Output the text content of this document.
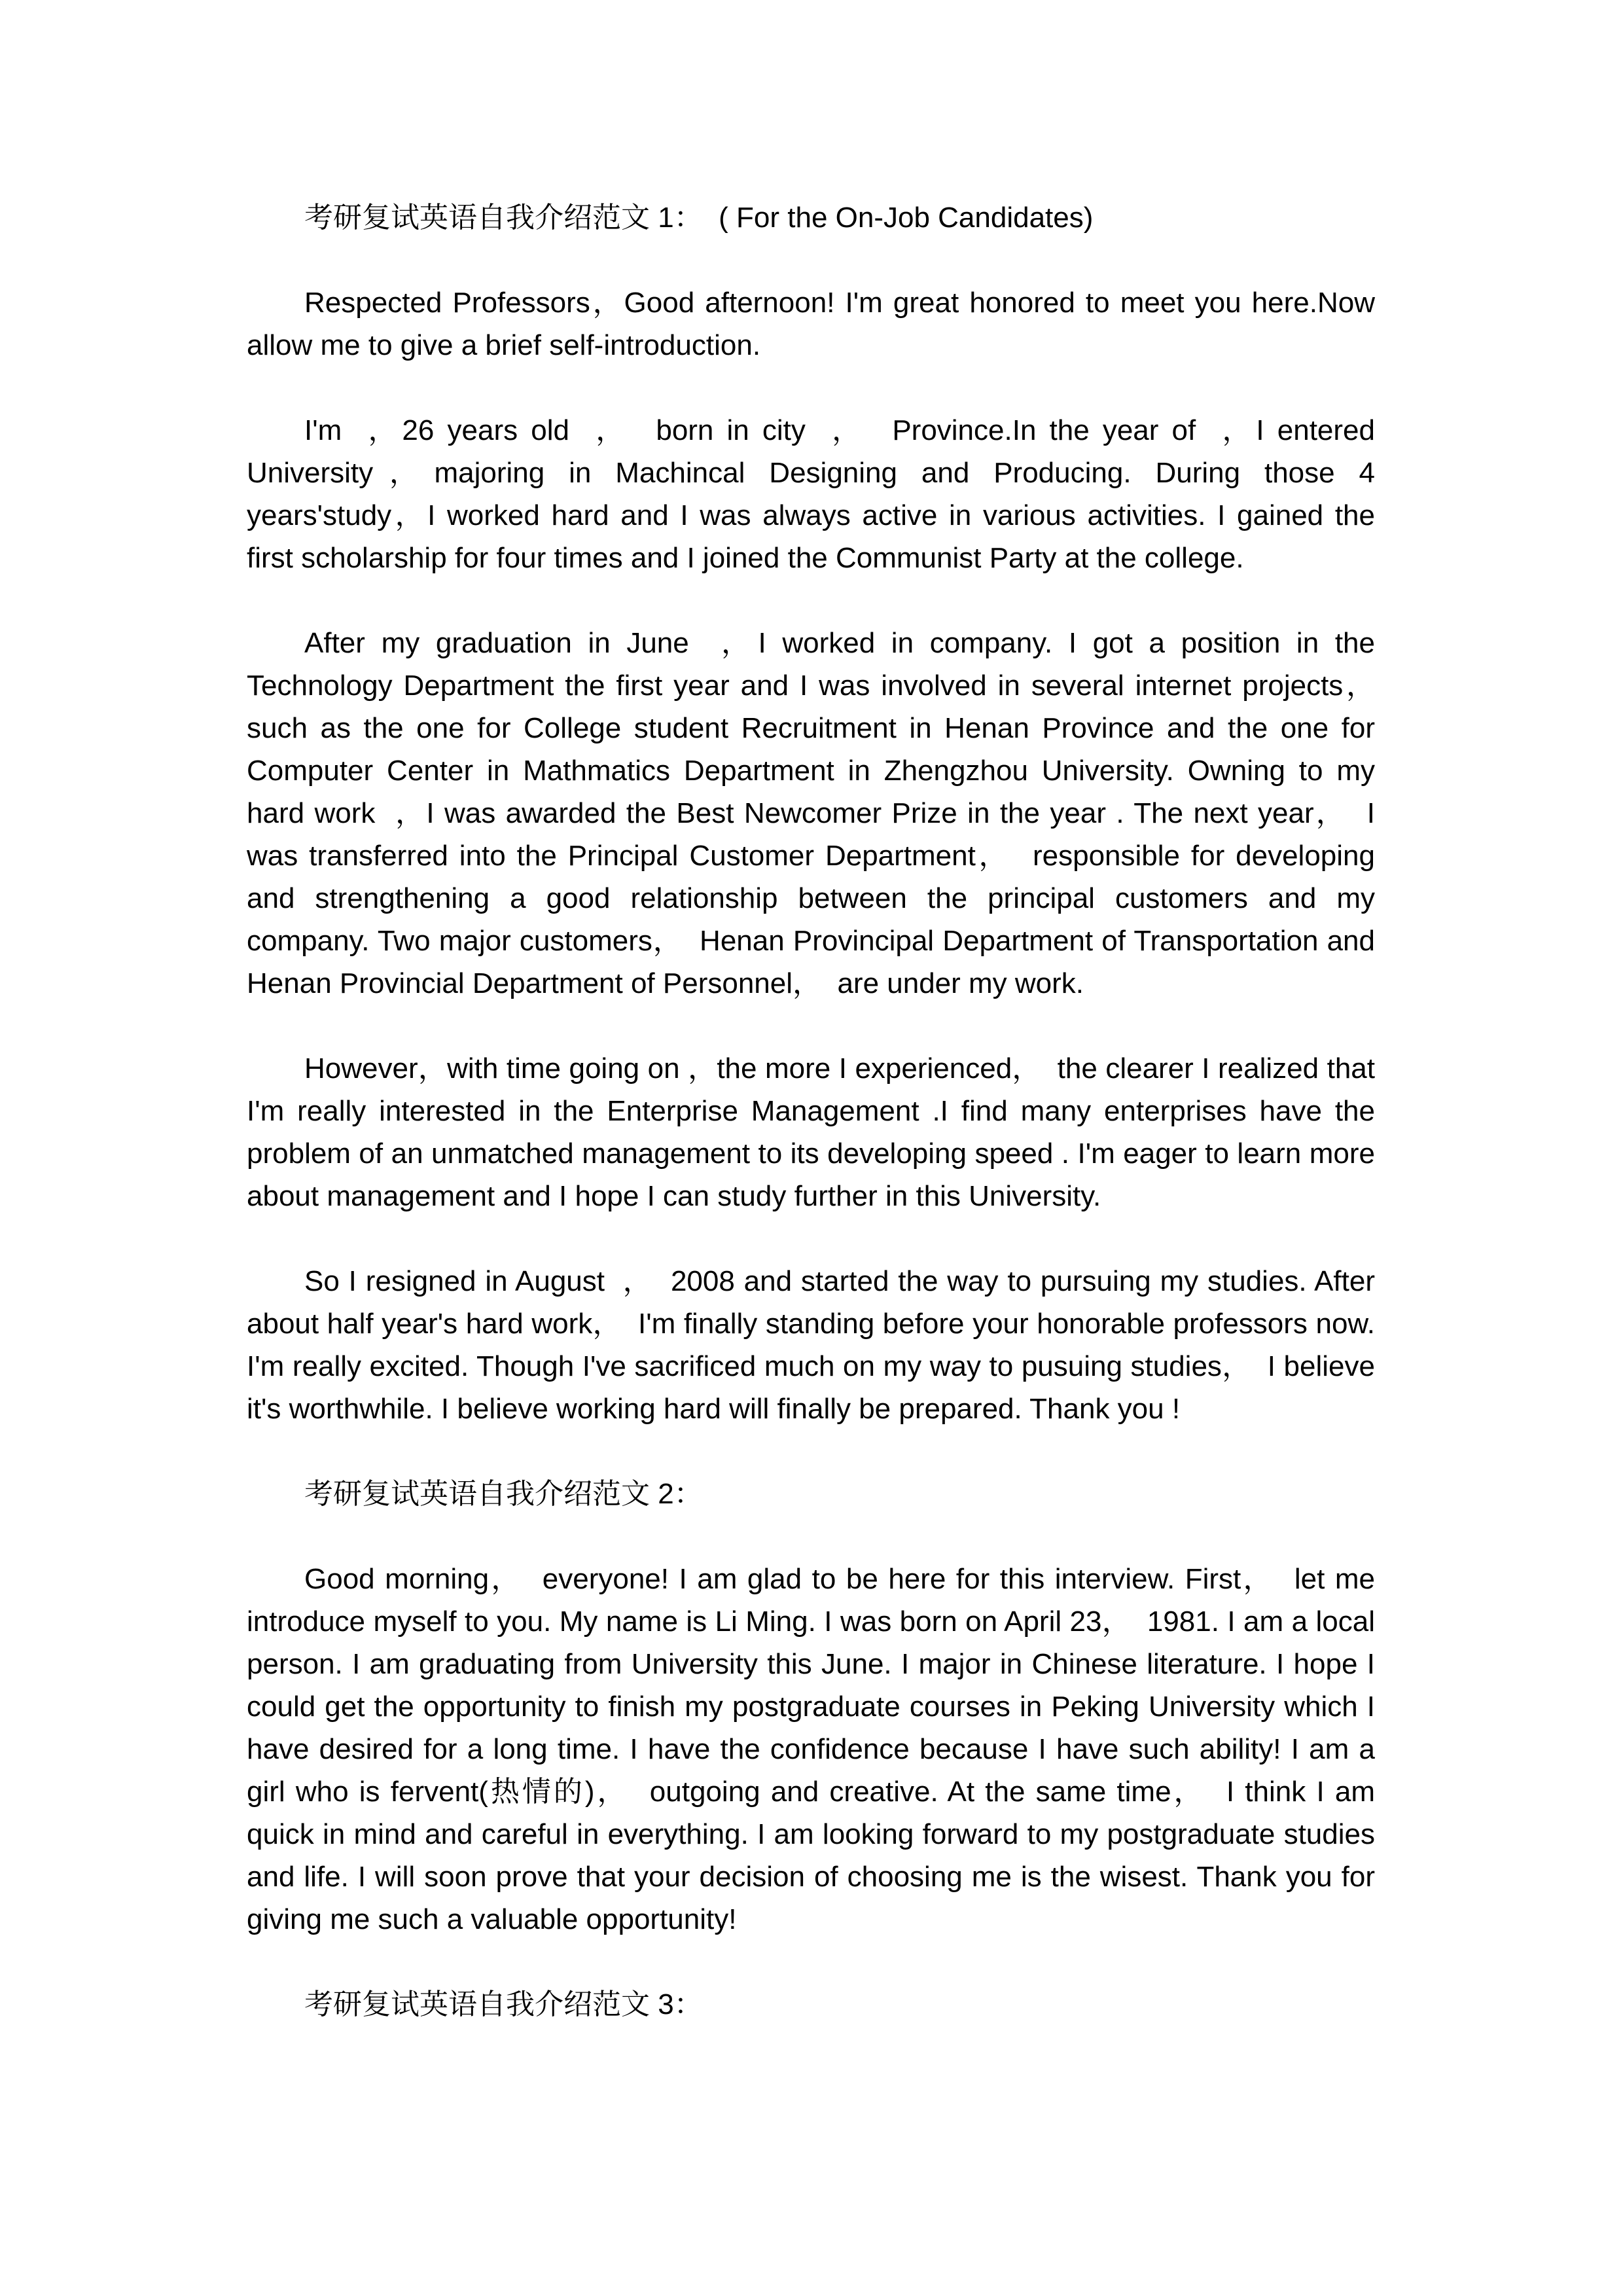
考研复试英语自我介绍范文 1：  ( For the On-Job Candidates)

Respected Professors，Good afternoon! I'm great honored to meet you here.Now allow me to give a brief self-introduction.

I'm  ，26 years old  ，  born in city  ，  Province.In the year of  ，I entered University，majoring in Machincal Designing and Producing. During those 4 years'study，I worked hard and I was always active in various activities. I gained the first scholarship for four times and I joined the Communist Party at the college.

After my graduation in June  ，I worked in company. I got a position in the Technology Department the first year and I was involved in several internet projects，such as the one for College student Recruitment in Henan Province and the one for Computer Center in Mathmatics Department in Zhengzhou University. Owning to my hard work  ，I was awarded the Best Newcomer Prize in the year . The next year，  I was transferred into the Principal Customer Department，  responsible for developing and strengthening a good relationship between the principal customers and my company. Two major customers，  Henan Provincipal Department of Transportation and Henan Provincial Department of Personnel，  are under my work.

However，with time going on ，the more I experienced，  the clearer I realized that I'm really interested in the Enterprise Management .I find many enterprises have the problem of an unmatched management to its developing speed . I'm eager to learn more about management and I hope I can study further in this University.

So I resigned in August  ，  2008 and started the way to pursuing my studies. After about half year's hard work，  I'm finally standing before your honorable professors now. I'm really excited. Though I've sacrificed much on my way to pusuing studies，  I believe it's worthwhile. I believe working hard will finally be prepared. Thank you !

考研复试英语自我介绍范文 2：

Good morning，  everyone! I am glad to be here for this interview. First，  let me introduce myself to you. My name is Li Ming. I was born on April 23，  1981. I am a local person. I am graduating from University this June. I major in Chinese literature. I hope I could get the opportunity to finish my postgraduate courses in Peking University which I have desired for a long time. I have the confidence because I have such ability! I am a girl who is fervent(热情的)，  outgoing and creative. At the same time，  I think I am quick in mind and careful in everything. I am looking forward to my postgraduate studies and life. I will soon prove that your decision of choosing me is the wisest. Thank you for giving me such a valuable opportunity!

考研复试英语自我介绍范文 3：
